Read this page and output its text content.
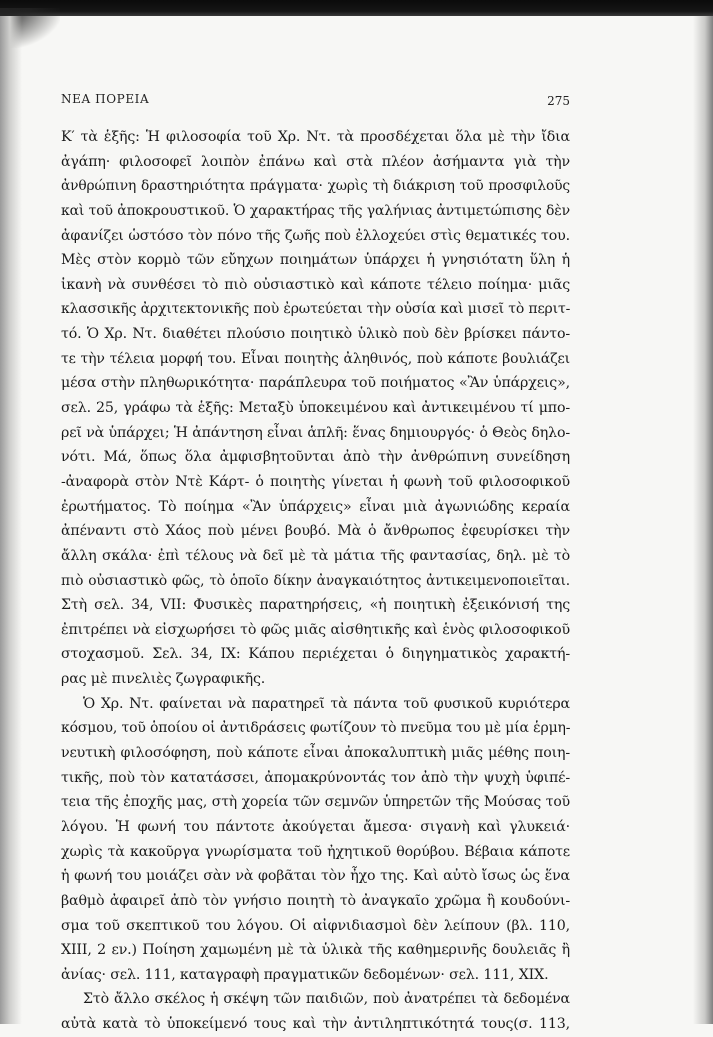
ΝΕΑ ΠΟΡΕΙΑ	275
Κ′ τὰ ἑξῆς: Ἡ φιλοσοφία τοῦ Χρ. Ντ. τὰ προσδέχεται ὅλα μὲ τὴν ἴδια
ἀγάπη· φιλοσοφεῖ λοιπὸν ἐπάνω καὶ στὰ πλέον ἀσήμαντα γιὰ τὴν
ἀνθρώπινη δραστηριότητα πράγματα· χωρὶς τὴ διάκριση τοῦ προσφιλοῦς
καὶ τοῦ ἀποκρουστικοῦ. Ὁ χαρακτήρας τῆς γαλήνιας ἀντιμετώπισης δὲν
ἀφανίζει ὡστόσο τὸν πόνο τῆς ζωῆς ποὺ ἐλλοχεύει στὶς θεματικές του.
Μὲς στὸν κορμὸ τῶν εὔηχων ποιημάτων ὑπάρχει ἡ γνησιότατη ὕλη ἡ
ἱκανὴ νὰ συνθέσει τὸ πιὸ οὐσιαστικὸ καὶ κάποτε τέλειο ποίημα· μιᾶς
κλασσικῆς ἀρχιτεκτονικῆς ποὺ ἐρωτεύεται τὴν οὐσία καὶ μισεῖ τὸ περιτ-
τό. Ὁ Χρ. Ντ. διαθέτει πλούσιο ποιητικὸ ὑλικὸ ποὺ δὲν βρίσκει πάντο-
τε τὴν τέλεια μορφή του. Εἶναι ποιητὴς ἀληθινός, ποὺ κάποτε βουλιάζει
μέσα στὴν πληθωρικότητα· παράπλευρα τοῦ ποιήματος «Ἂν ὑπάρχεις»,
σελ. 25, γράφω τὰ ἑξῆς: Μεταξὺ ὑποκειμένου καὶ ἀντικειμένου τί μπο-
ρεῖ νὰ ὑπάρχει; Ἡ ἀπάντηση εἶναι ἁπλῆ: ἕνας δημιουργός· ὁ Θεὸς δηλο-
νότι. Μά, ὅπως ὅλα ἀμφισβητοῦνται ἀπὸ τὴν ἀνθρώπινη συνείδηση
-ἀναφορὰ στὸν Ντὲ Κάρτ- ὁ ποιητὴς γίνεται ἡ φωνὴ τοῦ φιλοσοφικοῦ
ἐρωτήματος. Τὸ ποίημα «Ἂν ὑπάρχεις» εἶναι μιὰ ἀγωνιώδης κεραία
ἀπέναντι στὸ Χάος ποὺ μένει βουβό. Μὰ ὁ ἄνθρωπος ἐφευρίσκει τὴν
ἄλλη σκάλα· ἐπὶ τέλους νὰ δεῖ μὲ τὰ μάτια τῆς φαντασίας, δηλ. μὲ τὸ
πιὸ οὐσιαστικὸ φῶς, τὸ ὁποῖο δίκην ἀναγκαιότητος ἀντικειμενοποιεῖται.
Στὴ σελ. 34, VII: Φυσικὲς παρατηρήσεις, «ἡ ποιητικὴ ἐξεικόνισή της
ἐπιτρέπει νὰ εἰσχωρήσει τὸ φῶς μιᾶς αἰσθητικῆς καὶ ἑνὸς φιλοσοφικοῦ
στοχασμοῦ. Σελ. 34, IX: Κάπου περιέχεται ὁ διηγηματικὸς χαρακτή-
ρας μὲ πινελιὲς ζωγραφικῆς.
Ὁ Χρ. Ντ. φαίνεται νὰ παρατηρεῖ τὰ πάντα τοῦ φυσικοῦ κυριότερα
κόσμου, τοῦ ὁποίου οἱ ἀντιδράσεις φωτίζουν τὸ πνεῦμα του μὲ μία ἑρμη-
νευτικὴ φιλοσόφηση, ποὺ κάποτε εἶναι ἀποκαλυπτικὴ μιᾶς μέθης ποιη-
τικῆς, ποὺ τὸν κατατάσσει, ἀπομακρύνοντάς τον ἀπὸ τὴν ψυχὴ ὑφιπέ-
τεια τῆς ἐποχῆς μας, στὴ χορεία τῶν σεμνῶν ὑπηρετῶν τῆς Μούσας τοῦ
λόγου. Ἡ φωνή του πάντοτε ἀκούγεται ἄμεσα· σιγανὴ καὶ γλυκειά·
χωρὶς τὰ κακοῦργα γνωρίσματα τοῦ ἠχητικοῦ θορύβου. Βέβαια κάποτε
ἡ φωνή του μοιάζει σὰν νὰ φοβᾶται τὸν ἦχο της. Καὶ αὐτὸ ἴσως ὡς ἕνα
βαθμὸ ἀφαιρεῖ ἀπὸ τὸν γνήσιο ποιητὴ τὸ ἀναγκαῖο χρῶμα ἢ κουδούνι-
σμα τοῦ σκεπτικοῦ του λόγου. Οἱ αἰφνιδιασμοὶ δὲν λείπουν (βλ. 110,
XIII, 2 εν.) Ποίηση χαμωμένη μὲ τὰ ὑλικὰ τῆς καθημερινῆς δουλειᾶς ἢ
ἀνίας· σελ. 111, καταγραφὴ πραγματικῶν δεδομένων· σελ. 111, XIX.
Στὸ ἄλλο σκέλος ἡ σκέψη τῶν παιδιῶν, ποὺ ἀνατρέπει τὰ δεδομένα
αὐτὰ κατὰ τὸ ὑποκείμενό τους καὶ τὴν ἀντιληπτικότητά τους(σ. 113,
